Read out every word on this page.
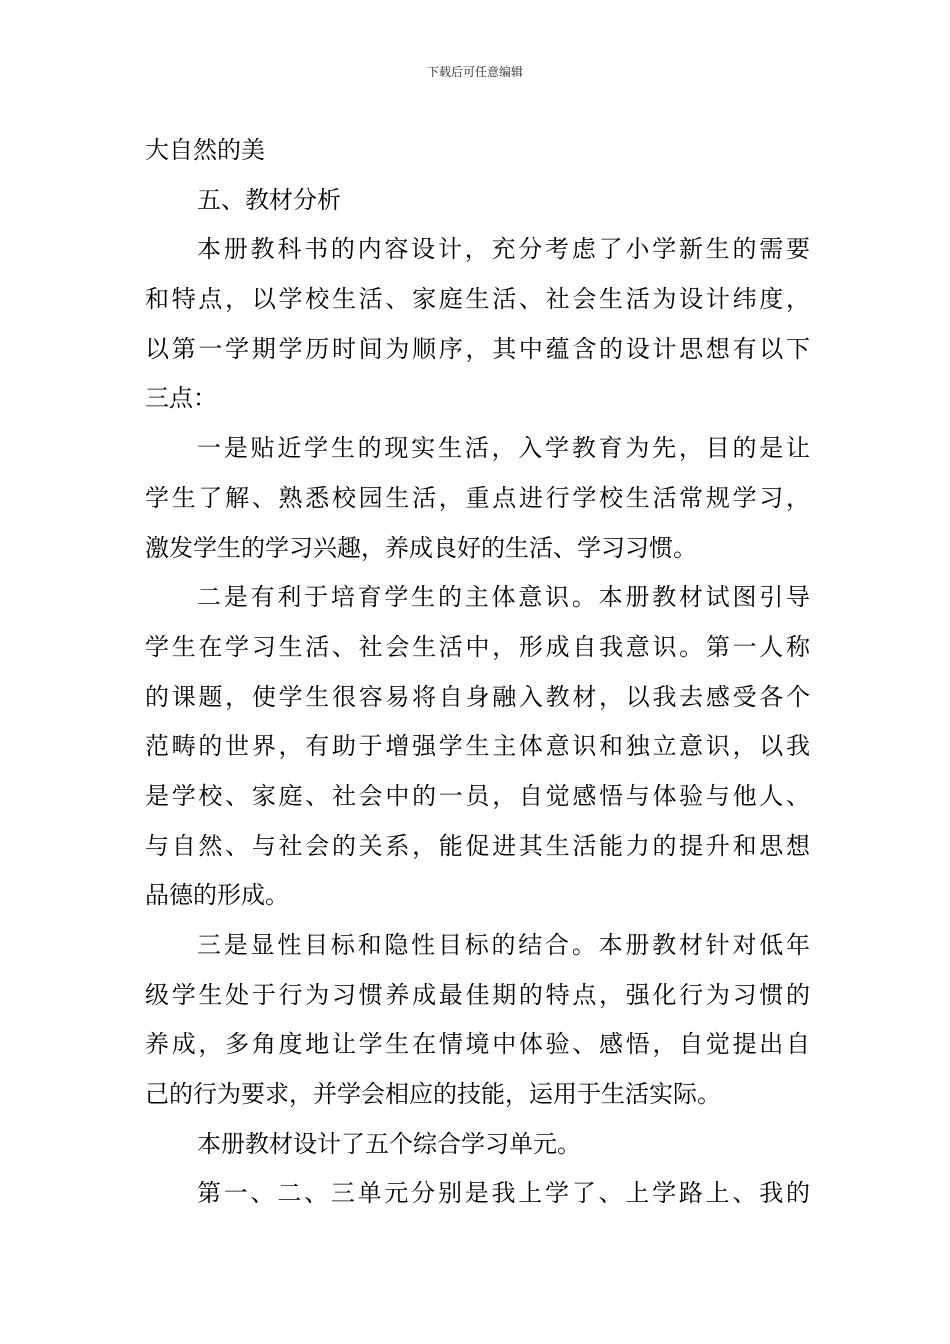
下载后可任意编辑
大自然的美
五、教材分析
本册教科书的内容设计，充分考虑了小学新生的需要
和特点，以学校生活、家庭生活、社会生活为设计纬度，
以第一学期学历时间为顺序，其中蕴含的设计思想有以下
三点：
一是贴近学生的现实生活，入学教育为先，目的是让
学生了解、熟悉校园生活，重点进行学校生活常规学习，
激发学生的学习兴趣，养成良好的生活、学习习惯。
二是有利于培育学生的主体意识。本册教材试图引导
学生在学习生活、社会生活中，形成自我意识。第一人称
的课题，使学生很容易将自身融入教材，以我去感受各个
范畴的世界，有助于增强学生主体意识和独立意识，以我
是学校、家庭、社会中的一员，自觉感悟与体验与他人、
与自然、与社会的关系，能促进其生活能力的提升和思想
品德的形成。
三是显性目标和隐性目标的结合。本册教材针对低年
级学生处于行为习惯养成最佳期的特点，强化行为习惯的
养成，多角度地让学生在情境中体验、感悟，自觉提出自
己的行为要求，并学会相应的技能，运用于生活实际。
本册教材设计了五个综合学习单元。
第一、二、三单元分别是我上学了、上学路上、我的
